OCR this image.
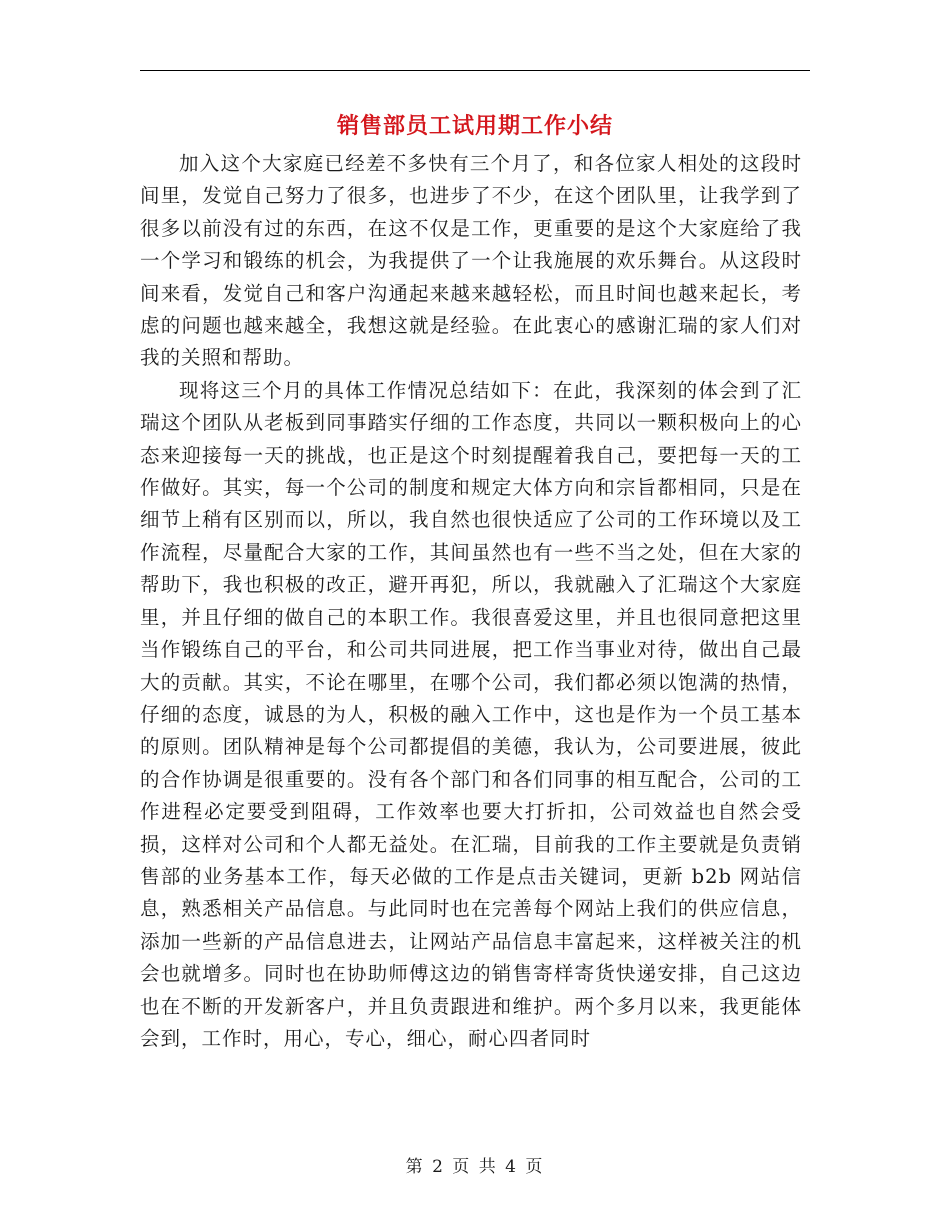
销售部员工试用期工作小结

加入这个大家庭已经差不多快有三个月了，和各位家人相处的这段时间里，发觉自己努力了很多，也进步了不少，在这个团队里，让我学到了很多以前没有过的东西，在这不仅是工作，更重要的是这个大家庭给了我一个学习和锻练的机会，为我提供了一个让我施展的欢乐舞台。从这段时间来看，发觉自己和客户沟通起来越来越轻松，而且时间也越来起长，考虑的问题也越来越全，我想这就是经验。在此衷心的感谢汇瑞的家人们对我的关照和帮助。

现将这三个月的具体工作情况总结如下：在此，我深刻的体会到了汇瑞这个团队从老板到同事踏实仔细的工作态度，共同以一颗积极向上的心态来迎接每一天的挑战，也正是这个时刻提醒着我自己，要把每一天的工作做好。其实，每一个公司的制度和规定大体方向和宗旨都相同，只是在细节上稍有区别而以，所以，我自然也很快适应了公司的工作环境以及工作流程，尽量配合大家的工作，其间虽然也有一些不当之处，但在大家的帮助下，我也积极的改正，避开再犯，所以，我就融入了汇瑞这个大家庭里，并且仔细的做自己的本职工作。我很喜爱这里，并且也很同意把这里当作锻练自己的平台，和公司共同进展，把工作当事业对待，做出自己最大的贡献。其实，不论在哪里，在哪个公司，我们都必须以饱满的热情，仔细的态度，诚恳的为人，积极的融入工作中，这也是作为一个员工基本的原则。团队精神是每个公司都提倡的美德，我认为，公司要进展，彼此的合作协调是很重要的。没有各个部门和各们同事的相互配合，公司的工作进程必定要受到阻碍，工作效率也要大打折扣，公司效益也自然会受损，这样对公司和个人都无益处。在汇瑞，目前我的工作主要就是负责销售部的业务基本工作，每天必做的工作是点击关键词，更新 b2b 网站信息，熟悉相关产品信息。与此同时也在完善每个网站上我们的供应信息，添加一些新的产品信息进去，让网站产品信息丰富起来，这样被关注的机会也就增多。同时也在协助师傅这边的销售寄样寄货快递安排，自己这边也在不断的开发新客户，并且负责跟进和维护。两个多月以来，我更能体会到，工作时，用心，专心，细心，耐心四者同时

第 2 页 共 4 页
